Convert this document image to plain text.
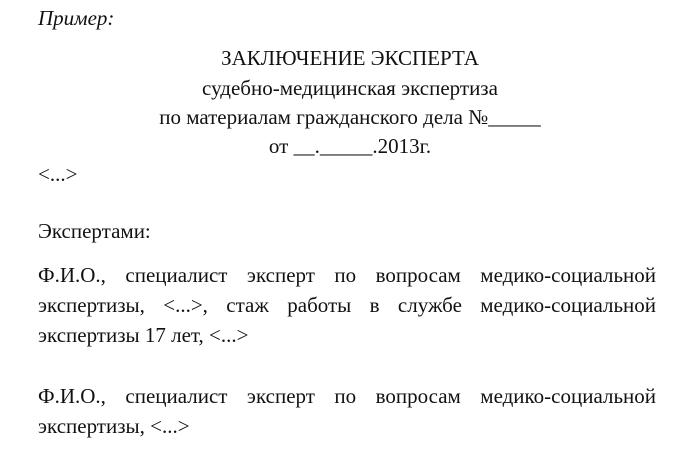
Пример:
ЗАКЛЮЧЕНИЕ ЭКСПЕРТА
судебно-медицинская экспертиза
по материалам гражданского дела №_____
от __._____.2013г.
<...>
Экспертами:
Ф.И.О., специалист эксперт по вопросам медико-социальной
экспертизы, <...>, стаж работы в службе медико-социальной
экспертизы 17 лет, <...>
Ф.И.О., специалист эксперт по вопросам медико-социальной
экспертизы, <...>
